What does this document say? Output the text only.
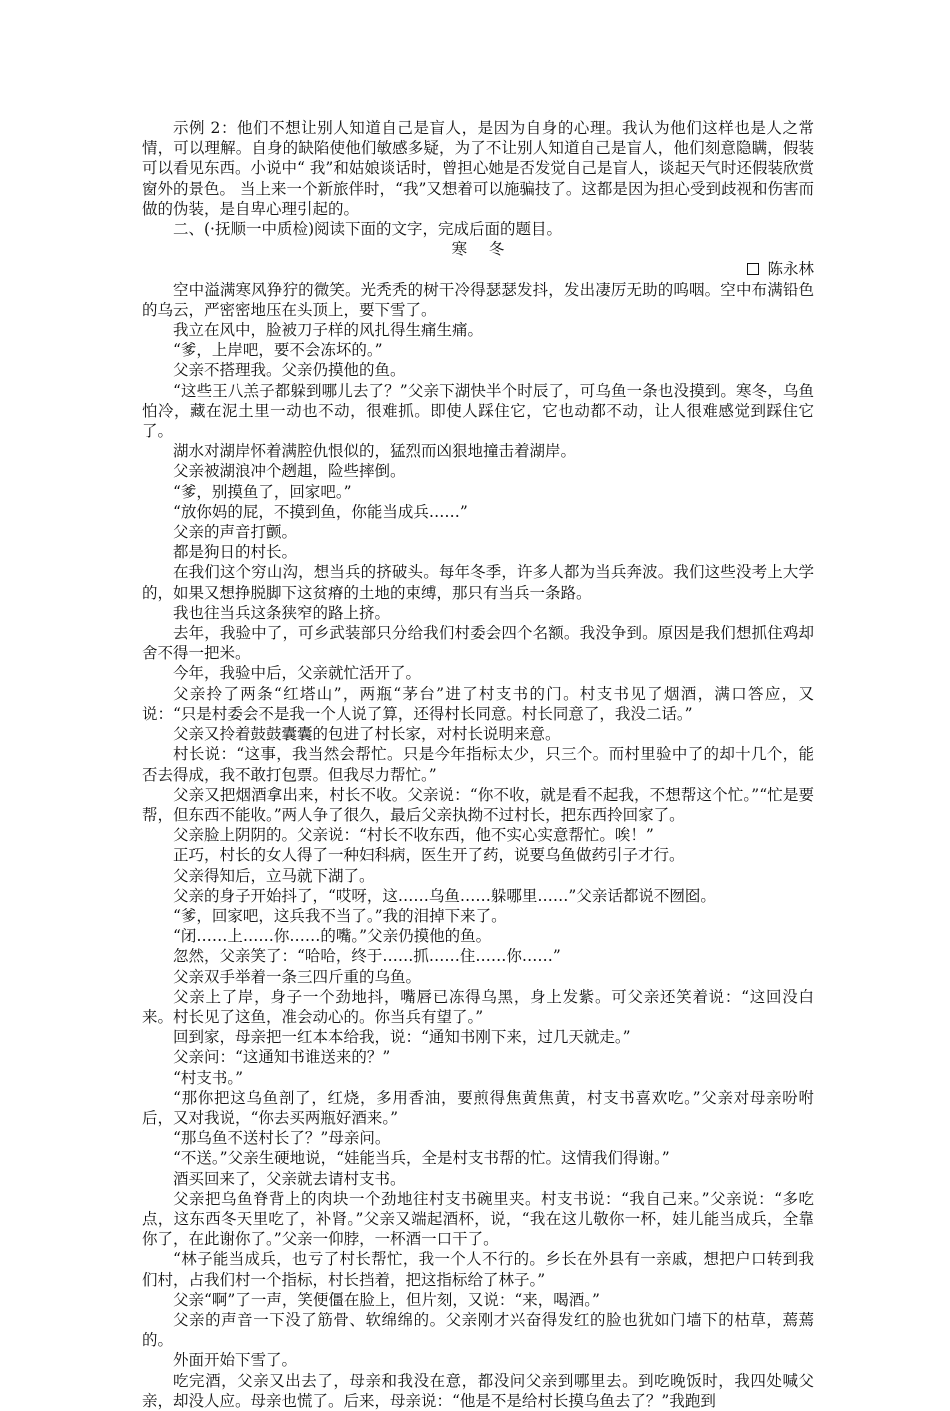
示例 2：他们不想让别人知道自己是盲人，是因为自身的心理。我认为他们这样也是人之常情，可以理解。自身的缺陷使他们敏感多疑，为了不让别人知道自己是盲人，他们刻意隐瞒，假装可以看见东西。小说中“ 我”和姑娘谈话时，曾担心她是否发觉自己是盲人，谈起天气时还假装欣赏窗外的景色。 当上来一个新旅伴时，“我”又想着可以施骗技了。这都是因为担心受到歧视和伤害而做的伪装，是自卑心理引起的。

二、(·抚顺一中质检)阅读下面的文字，完成后面的题目。

寒冬

陈永林

空中溢满寒风狰狞的微笑。光秃秃的树干冷得瑟瑟发抖，发出凄厉无助的呜咽。空中布满铅色的乌云，严密密地压在头顶上，要下雪了。

我立在风中，脸被刀子样的风扎得生痛生痛。

“爹，上岸吧，要不会冻坏的。”

父亲不搭理我。父亲仍摸他的鱼。

“这些王八羔子都躲到哪儿去了？”父亲下湖快半个时辰了，可乌鱼一条也没摸到。寒冬，乌鱼怕冷，藏在泥土里一动也不动，很难抓。即使人踩住它，它也动都不动，让人很难感觉到踩住它了。

湖水对湖岸怀着满腔仇恨似的，猛烈而凶狠地撞击着湖岸。

父亲被湖浪冲个趔趄，险些摔倒。

“爹，别摸鱼了，回家吧。”

“放你妈的屁，不摸到鱼，你能当成兵……”

父亲的声音打颤。

都是狗日的村长。

在我们这个穷山沟，想当兵的挤破头。每年冬季，许多人都为当兵奔波。我们这些没考上大学的，如果又想挣脱脚下这贫瘠的土地的束缚，那只有当兵一条路。

我也往当兵这条狭窄的路上挤。

去年，我验中了，可乡武装部只分给我们村委会四个名额。我没争到。原因是我们想抓住鸡却舍不得一把米。

今年，我验中后，父亲就忙活开了。

父亲拎了两条“红塔山”，两瓶“茅台”进了村支书的门。村支书见了烟酒，满口答应，又说：“只是村委会不是我一个人说了算，还得村长同意。村长同意了，我没二话。”

父亲又拎着鼓鼓囊囊的包进了村长家，对村长说明来意。

村长说：“这事，我当然会帮忙。只是今年指标太少，只三个。而村里验中了的却十几个，能否去得成，我不敢打包票。但我尽力帮忙。”

父亲又把烟酒拿出来，村长不收。父亲说：“你不收，就是看不起我，不想帮这个忙。”“忙是要帮，但东西不能收。”两人争了很久，最后父亲执拗不过村长，把东西拎回家了。

父亲脸上阴阴的。父亲说：“村长不收东西，他不实心实意帮忙。唉！”

正巧，村长的女人得了一种妇科病，医生开了药，说要乌鱼做药引子才行。

父亲得知后，立马就下湖了。

父亲的身子开始抖了，“哎呀，这……乌鱼……躲哪里……”父亲话都说不囫囵。

“爹，回家吧，这兵我不当了。”我的泪掉下来了。

“闭……上……你……的嘴。”父亲仍摸他的鱼。

忽然，父亲笑了：“哈哈，终于……抓……住……你……”

父亲双手举着一条三四斤重的乌鱼。

父亲上了岸，身子一个劲地抖，嘴唇已冻得乌黑，身上发紫。可父亲还笑着说：“这回没白来。村长见了这鱼，准会动心的。你当兵有望了。”

回到家，母亲把一红本本给我，说：“通知书刚下来，过几天就走。”

父亲问：“这通知书谁送来的？”

“村支书。”

“那你把这乌鱼剖了，红烧，多用香油，要煎得焦黄焦黄，村支书喜欢吃。”父亲对母亲吩咐后，又对我说，“你去买两瓶好酒来。”

“那乌鱼不送村长了？”母亲问。

“不送。”父亲生硬地说，“娃能当兵，全是村支书帮的忙。这情我们得谢。”

酒买回来了，父亲就去请村支书。

父亲把乌鱼脊背上的肉块一个劲地往村支书碗里夹。村支书说：“我自己来。”父亲说：“多吃点，这东西冬天里吃了，补肾。”父亲又端起酒杯，说，“我在这儿敬你一杯，娃儿能当成兵，全靠你了，在此谢你了。”父亲一仰脖，一杯酒一口干了。

“林子能当成兵，也亏了村长帮忙，我一个人不行的。乡长在外县有一亲戚，想把户口转到我们村，占我们村一个指标，村长挡着，把这指标给了林子。”

父亲“啊”了一声，笑便僵在脸上，但片刻，又说：“来，喝酒。”

父亲的声音一下没了筋骨、软绵绵的。父亲刚才兴奋得发红的脸也犹如门墙下的枯草，蔫蔫的。

外面开始下雪了。

吃完酒，父亲又出去了，母亲和我没在意，都没问父亲到哪里去。到吃晚饭时，我四处喊父亲，却没人应。母亲也慌了。后来，母亲说：“他是不是给村长摸乌鱼去了？”我跑到
